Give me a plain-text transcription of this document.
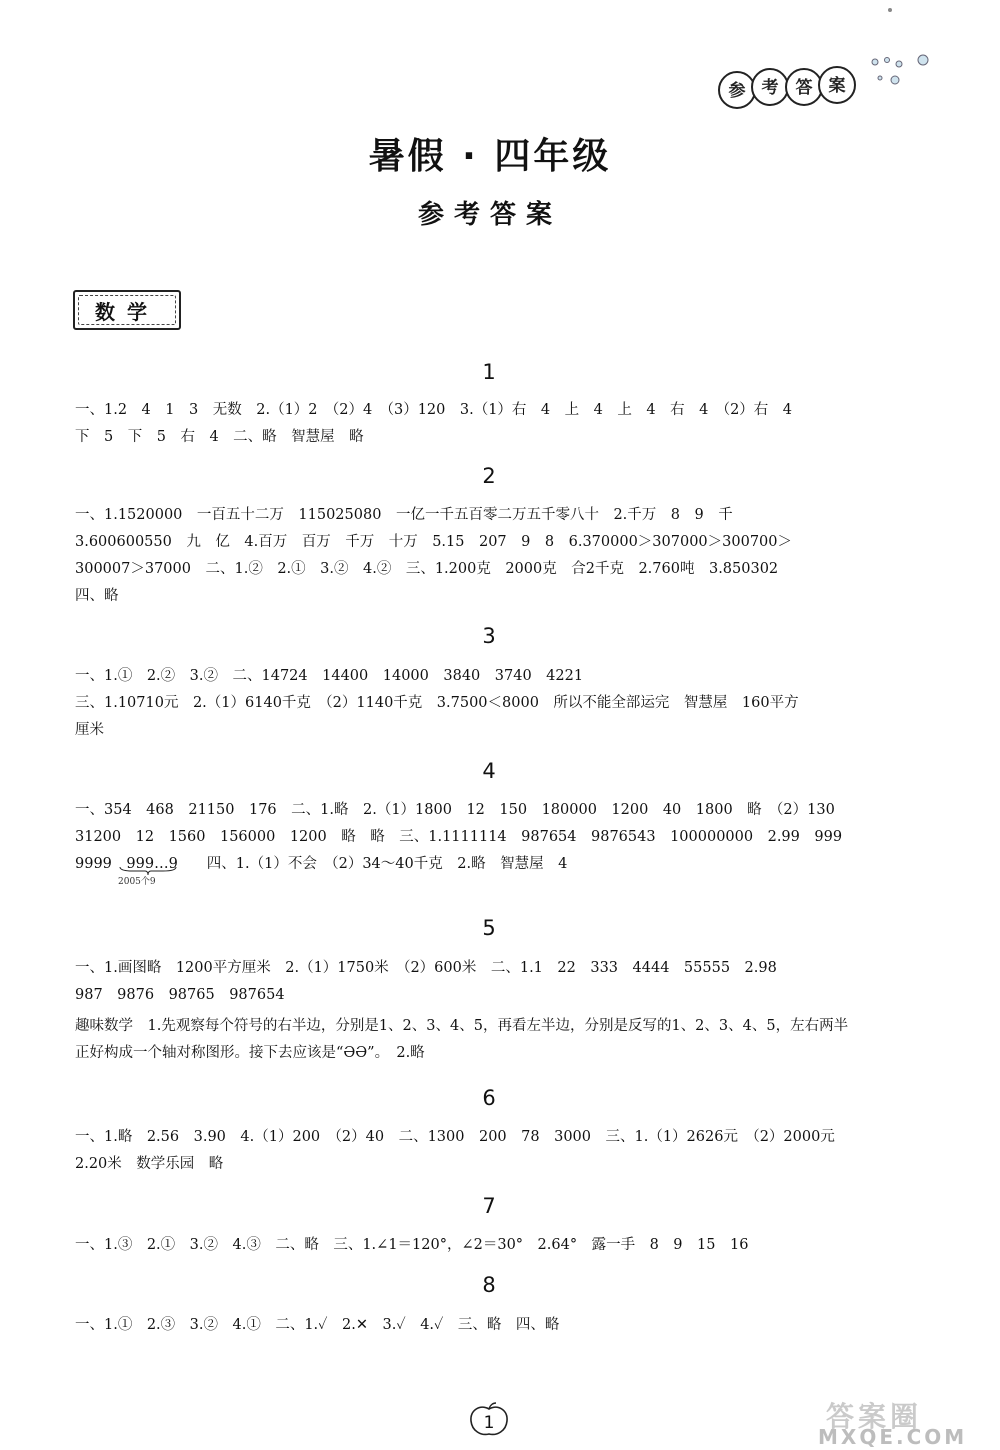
参 考 答 案
暑假 · 四年级
参考答案
数学
1
一、1.2　4　1　3　无数　2.（1）2　（2）4　（3）120　3.（1）右　4　上　4　上　4　右　4　（2）右　4
下　5　下　5　右　4　二、略　智慧屋　略
2
一、1.1520000　一百五十二万　115025080　一亿一千五百零二万五千零八十　2.千万　8　9　千
3.600600550　九　亿　4.百万　百万　千万　十万　5.15　207　9　8　6.370000＞307000＞300700＞
300007＞37000　二、1.②　2.①　3.②　4.②　三、1.200克　2000克　合2千克　2.760吨　3.850302
四、略
3
一、1.①　2.②　3.②　二、14724　14400　14000　3840　3740　4221
三、1.10710元　2.（1）6140千克　（2）1140千克　3.7500＜8000　所以不能全部运完　智慧屋　160平方
厘米
4
一、354　468　21150　176　二、1.略　2.（1）1800　12　150　180000　1200　40　1800　略　（2）130
31200　12　1560　156000　1200　略　略　三、1.1111114　987654　9876543　100000000　2.99　999
9999　999…9　　四、1.（1）不会　（2）34～40千克　2.略　智慧屋　4
2005个9
5
一、1.画图略　1200平方厘米　2.（1）1750米　（2）600米　二、1.1　22　333　4444　55555　2.98
987　9876　98765　987654
趣味数学　1.先观察每个符号的右半边，分别是1、2、3、4、5，再看左半边，分别是反写的1、2、3、4、5，左右两半
正好构成一个轴对称图形。接下去应该是“ƏƏ”。　2.略
6
一、1.略　2.56　3.90　4.（1）200　（2）40　二、1300　200　78　3000　三、1.（1）2626元　（2）2000元
2.20米　数学乐园　略
7
一、1.③　2.①　3.②　4.③　二、略　三、1.∠1＝120°，∠2＝30°　2.64°　露一手　8　9　15　16
8
一、1.①　2.③　3.②　4.①　二、1.✓　2.✕　3.✓　4.✓　三、略　四、略
1	答案圈
MXQE.COM
